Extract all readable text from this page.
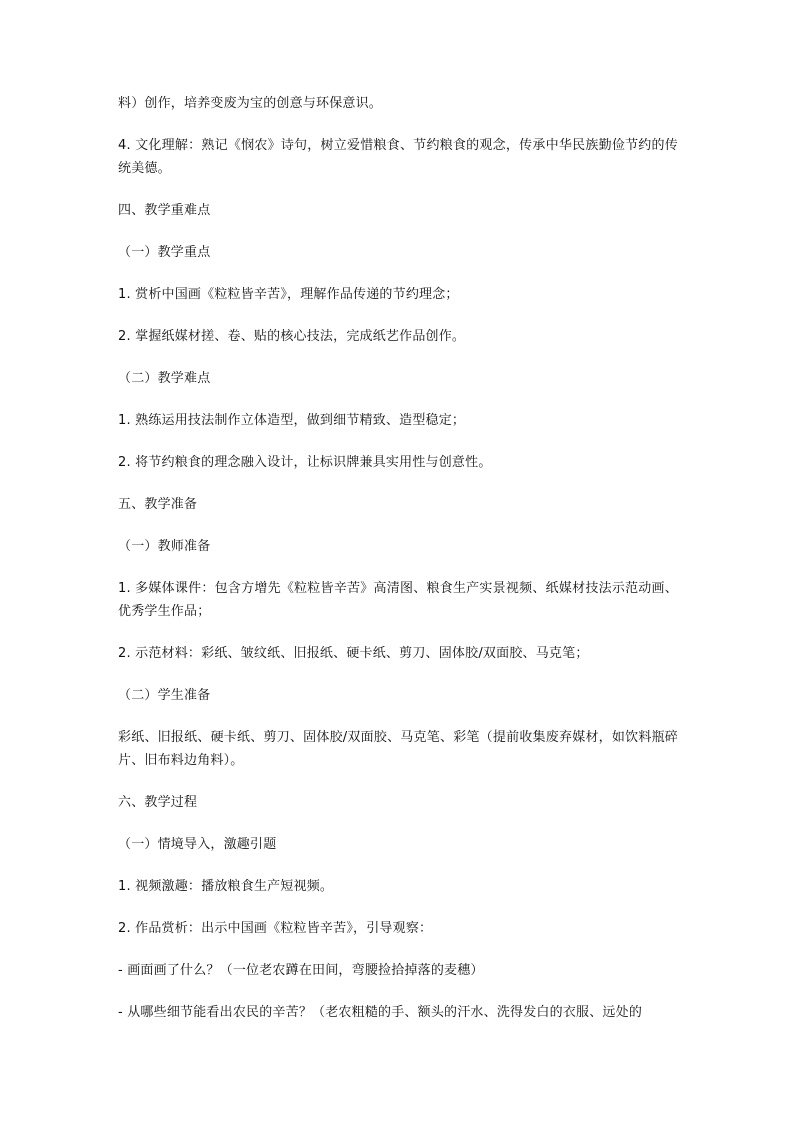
料）创作，培养变废为宝的创意与环保意识。

4. 文化理解：熟记《悯农》诗句，树立爱惜粮食、节约粮食的观念，传承中华民族勤俭节约的传统美德。

四、教学重难点

（一）教学重点

1. 赏析中国画《粒粒皆辛苦》，理解作品传递的节约理念；

2. 掌握纸媒材搓、卷、贴的核心技法，完成纸艺作品创作。

（二）教学难点

1. 熟练运用技法制作立体造型，做到细节精致、造型稳定；

2. 将节约粮食的理念融入设计，让标识牌兼具实用性与创意性。

五、教学准备

（一）教师准备

1. 多媒体课件：包含方增先《粒粒皆辛苦》高清图、粮食生产实景视频、纸媒材技法示范动画、优秀学生作品；

2. 示范材料：彩纸、皱纹纸、旧报纸、硬卡纸、剪刀、固体胶/双面胶、马克笔；

（二）学生准备

彩纸、旧报纸、硬卡纸、剪刀、固体胶/双面胶、马克笔、彩笔（提前收集废弃媒材，如饮料瓶碎片、旧布料边角料）。

六、教学过程

（一）情境导入，激趣引题

1. 视频激趣：播放粮食生产短视频。

2. 作品赏析：出示中国画《粒粒皆辛苦》，引导观察：

- 画面画了什么？（一位老农蹲在田间，弯腰捡拾掉落的麦穗）

- 从哪些细节能看出农民的辛苦？（老农粗糙的手、额头的汗水、洗得发白的衣服、远处的
